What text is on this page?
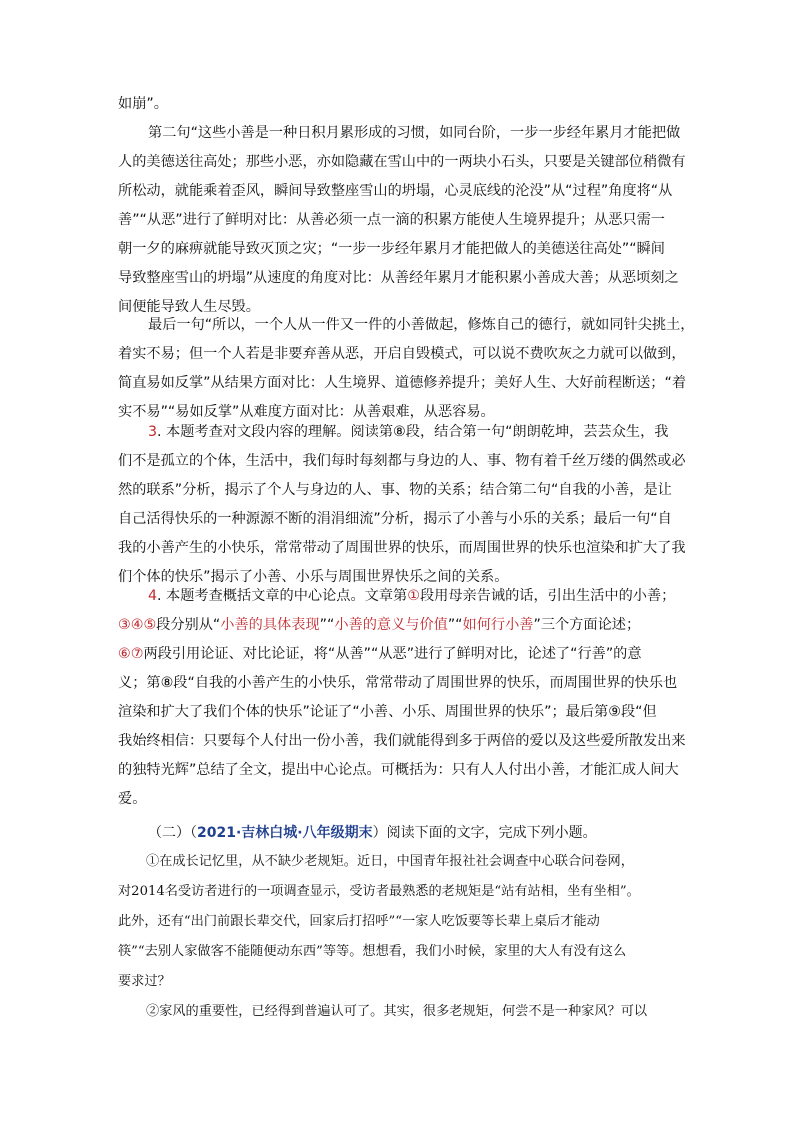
如崩”。

第二句“这些小善是一种日积月累形成的习惯，如同台阶，一步一步经年累月才能把做
人的美德送往高处；那些小恶，亦如隐藏在雪山中的一两块小石头，只要是关键部位稍微有
所松动，就能乘着歪风，瞬间导致整座雪山的坍塌，心灵底线的沦没”从“过程”角度将“从
善”“从恶”进行了鲜明对比：从善必须一点一滴的积累方能使人生境界提升；从恶只需一
朝一夕的麻痹就能导致灭顶之灾；“一步一步经年累月才能把做人的美德送往高处”“瞬间
导致整座雪山的坍塌”从速度的角度对比：从善经年累月才能积累小善成大善；从恶顷刻之
间便能导致人生尽毁。

最后一句“所以，一个人从一件又一件的小善做起，修炼自己的德行，就如同针尖挑土，
着实不易；但一个人若是非要弃善从恶，开启自毁模式，可以说不费吹灰之力就可以做到，
简直易如反掌”从结果方面对比：人生境界、道德修养提升；美好人生、大好前程断送；“着
实不易”“易如反掌”从难度方面对比：从善艰难，从恶容易。

3. 本题考查对文段内容的理解。阅读第⑧段，结合第一句“朗朗乾坤，芸芸众生，我
们不是孤立的个体，生活中，我们每时每刻都与身边的人、事、物有着千丝万缕的偶然或必
然的联系”分析，揭示了个人与身边的人、事、物的关系；结合第二句“自我的小善，是让
自己活得快乐的一种源源不断的涓涓细流”分析，揭示了小善与小乐的关系；最后一句“自
我的小善产生的小快乐，常常带动了周围世界的快乐，而周围世界的快乐也渲染和扩大了我
们个体的快乐”揭示了小善、小乐与周围世界快乐之间的关系。

4. 本题考查概括文章的中心论点。文章第①段用母亲告诫的话，引出生活中的小善；
③④⑤段分别从“小善的具体表现”“小善的意义与价值”“如何行小善”三个方面论述；
⑥⑦两段引用论证、对比论证，将“从善”“从恶”进行了鲜明对比，论述了“行善”的意
义；第⑧段“自我的小善产生的小快乐，常常带动了周围世界的快乐，而周围世界的快乐也
渲染和扩大了我们个体的快乐”论证了“小善、小乐、周围世界的快乐”；最后第⑨段“但
我始终相信：只要每个人付出一份小善，我们就能得到多于两倍的爱以及这些爱所散发出来
的独特光辉”总结了全文，提出中心论点。可概括为：只有人人付出小善，才能汇成人间大
爱。

（二）（2021·吉林白城·八年级期末）阅读下面的文字，完成下列小题。

①在成长记忆里，从不缺少老规矩。近日，中国青年报社社会调查中心联合问卷网，
对2014名受访者进行的一项调查显示，受访者最熟悉的老规矩是“站有站相，坐有坐相”。
此外，还有“出门前跟长辈交代，回家后打招呼”“一家人吃饭要等长辈上桌后才能动
筷”“去别人家做客不能随便动东西”等等。想想看，我们小时候，家里的大人有没有这么
要求过？
②家风的重要性，已经得到普遍认可了。其实，很多老规矩，何尝不是一种家风？可以
